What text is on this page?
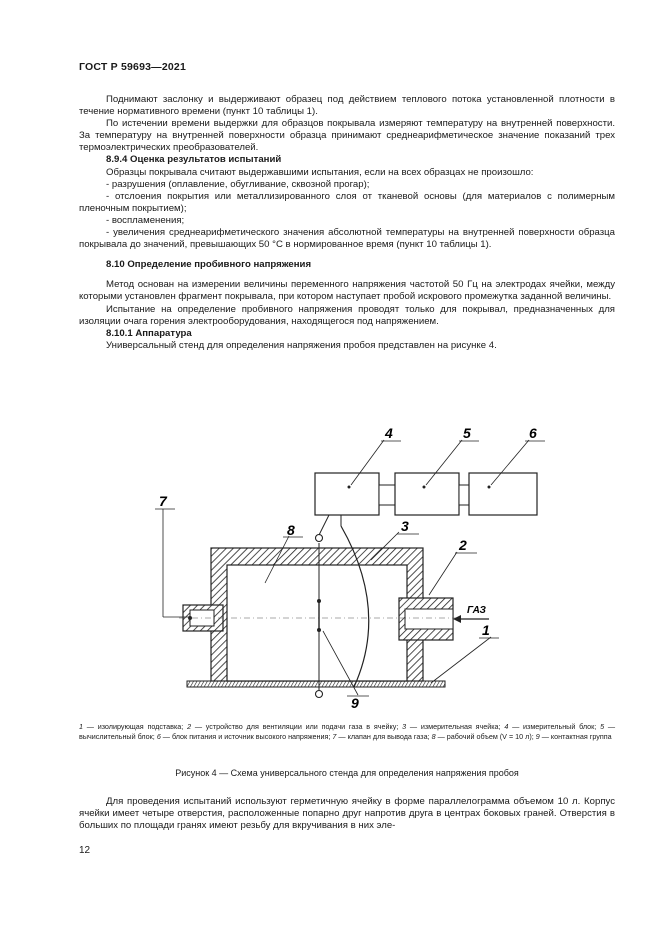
ГОСТ Р 59693—2021

Поднимают заслонку и выдерживают образец под действием теплового потока установленной плотности в течение нормативного времени (пункт 10 таблицы 1).

По истечении времени выдержки для образцов покрывала измеряют температуру на внутренней поверхности. За температуру на внутренней поверхности образца принимают среднеарифметическое значение показаний трех термоэлектрических преобразователей.

8.9.4 Оценка результатов испытаний

Образцы покрывала считают выдержавшими испытания, если на всех образцах не произошло:

- разрушения (оплавление, обугливание, сквозной прогар);

- отслоения покрытия или металлизированного слоя от тканевой основы (для материалов с полимерным пленочным покрытием);

- воспламенения;

- увеличения среднеарифметического значения абсолютной температуры на внутренней поверхности образца покрывала до значений, превышающих 50 °С в нормированное время (пункт 10 таблицы 1).

8.10 Определение пробивного напряжения

Метод основан на измерении величины переменного напряжения частотой 50 Гц на электродах ячейки, между которыми установлен фрагмент покрывала, при котором наступает пробой искрового промежутка заданной величины.

Испытание на определение пробивного напряжения проводят только для покрывал, предназначенных для изоляции очага горения электрооборудования, находящегося под напряжением.

8.10.1 Аппаратура

Универсальный стенд для определения напряжения пробоя представлен на рисунке 4.

4	5	6
3
2
1
8
7
9
ГАЗ
1 — изолирующая подставка; 2 — устройство для вентиляции или подачи газа в ячейку; 3 — измерительная ячейка; 4 — измерительный блок; 5 — вычислительный блок; 6 — блок питания и источник высокого напряжения; 7 — клапан для вывода газа; 8 — рабочий объем (V = 10 л); 9 — контактная группа
Рисунок 4 — Схема универсального стенда для определения напряжения пробоя

Для проведения испытаний используют герметичную ячейку в форме параллелограмма объемом 10 л. Корпус ячейки имеет четыре отверстия, расположенные попарно друг напротив друга в центрах боковых граней. Отверстия в больших по площади гранях имеют резьбу для вкручивания в них эле-

12
